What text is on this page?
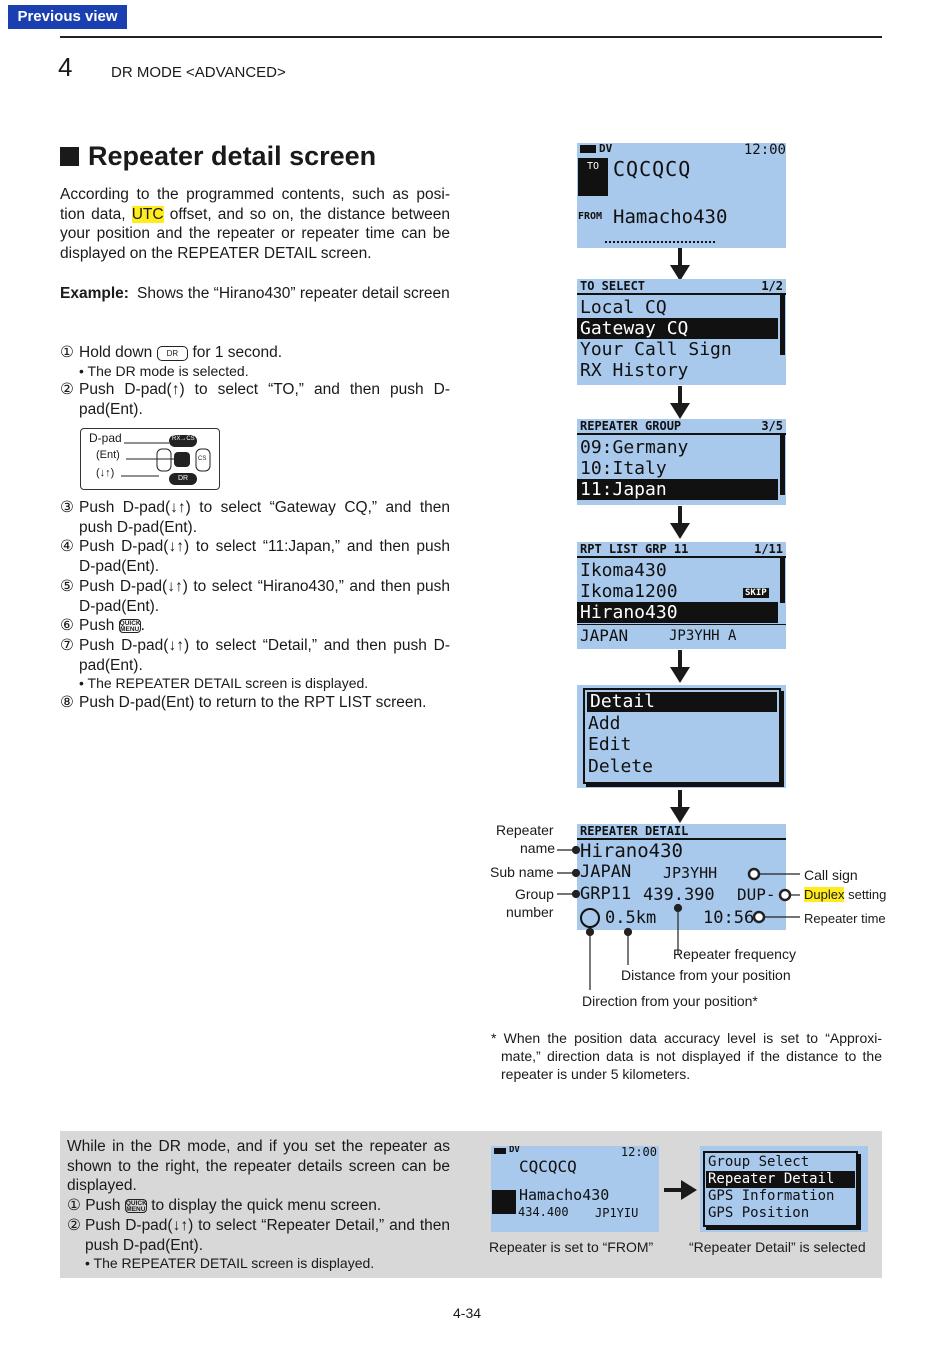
Previous view
4	DR MODE <ADVANCED>
Repeater detail screen
According to the programmed contents, such as posi-tion data, UTC offset, and so on, the distance between your position and the repeater or repeater time can be displayed on the REPEATER DETAIL screen.
Example: Shows the “Hirano430” repeater detail screen
① Hold down DR for 1 second.
• The DR mode is selected.
② Push D-pad(↑) to select “TO,” and then push D-pad(Ent).
D-pad
(Ent)
(↓↑)
RX→CS
DR
CS
③ Push D-pad(↓↑) to select “Gateway CQ,” and then push D-pad(Ent).
④ Push D-pad(↓↑) to select “11:Japan,” and then push D-pad(Ent).
⑤ Push D-pad(↓↑) to select “Hirano430,” and then push D-pad(Ent).
⑥ Push QUICK MENU.
⑦ Push D-pad(↓↑) to select “Detail,” and then push D-pad(Ent).
• The REPEATER DETAIL screen is displayed.
⑧ Push D-pad(Ent) to return to the RPT LIST screen.
DV	12:00
TO CQCQCQ
FROM Hamacho430
TO SELECT	1/2
Local CQ
Gateway CQ
Your Call Sign
RX History
REPEATER GROUP	3/5
09:Germany
10:Italy
11:Japan
RPT LIST GRP 11	1/11
Ikoma430
Ikoma1200	SKIP
Hirano430
JAPAN	JP3YHH A
Detail
Add
Edit
Delete
REPEATER DETAIL
Hirano430
JAPAN JP3YHH
GRP11 439.390 DUP-
0.5km	10:56
Repeater
name
Sub name
Group
number
Call sign
Duplex setting
Repeater time
Repeater frequency
Distance from your position
Direction from your position*
* When the position data accuracy level is set to “Approxi-mate,” direction data is not displayed if the distance to the repeater is under 5 kilometers.
While in the DR mode, and if you set the repeater as shown to the right, the repeater details screen can be displayed.
① Push QUICK MENU to display the quick menu screen.
② Push D-pad(↓↑) to select “Repeater Detail,” and then push D-pad(Ent).
• The REPEATER DETAIL screen is displayed.
DV	12:00
CQCQCQ
Hamacho430
434.400 JP1YIU
Group Select
Repeater Detail
GPS Information
GPS Position
Repeater is set to “FROM”	“Repeater Detail” is selected
4-34
